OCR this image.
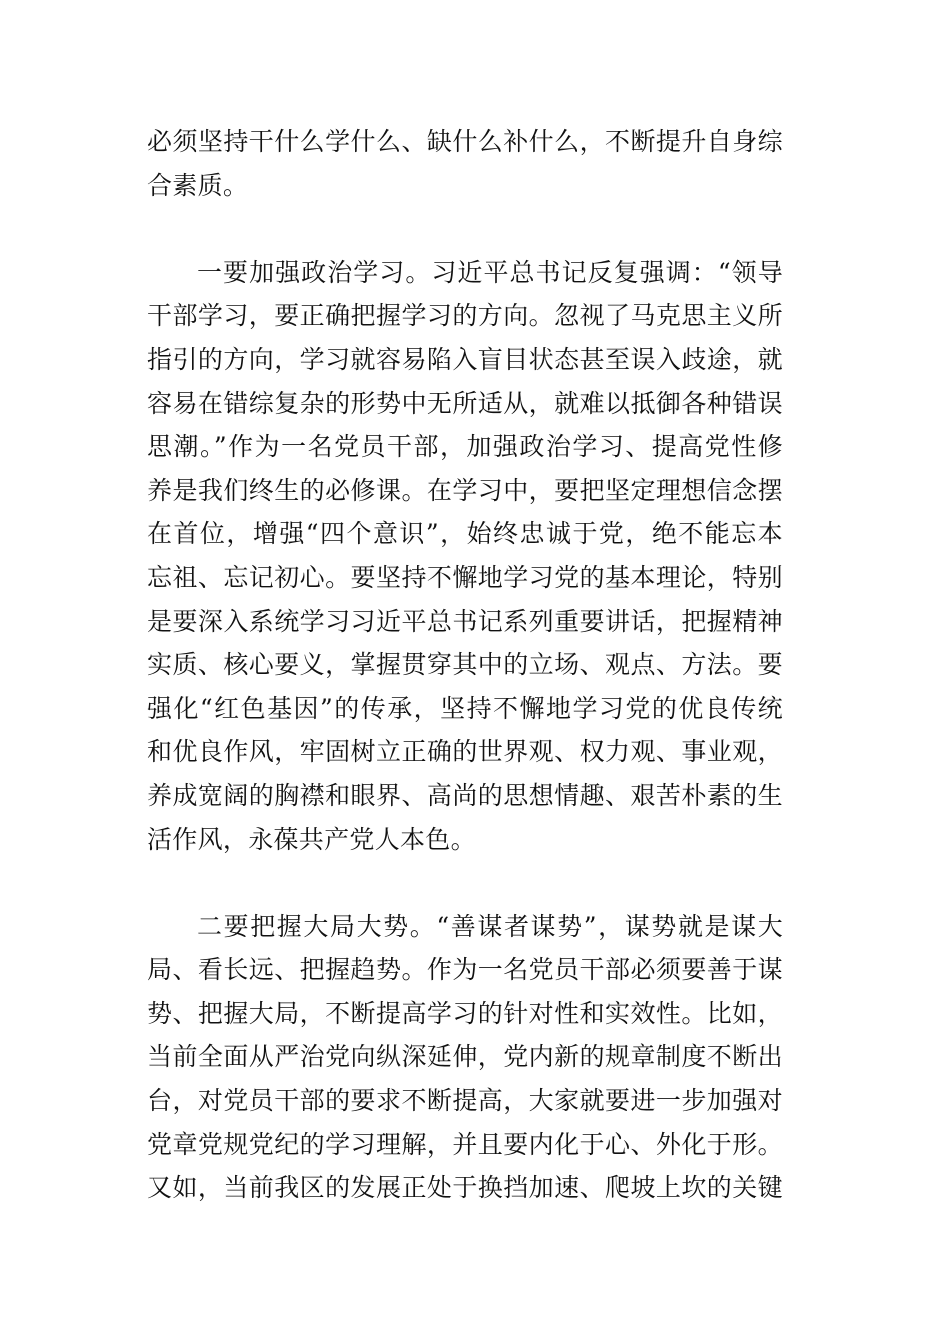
必须坚持干什么学什么、缺什么补什么，不断提升自身综
合素质。
一要加强政治学习。习近平总书记反复强调：“领导
干部学习，要正确把握学习的方向。忽视了马克思主义所
指引的方向，学习就容易陷入盲目状态甚至误入歧途，就
容易在错综复杂的形势中无所适从，就难以抵御各种错误
思潮。”作为一名党员干部，加强政治学习、提高党性修
养是我们终生的必修课。在学习中，要把坚定理想信念摆
在首位，增强“四个意识”，始终忠诚于党，绝不能忘本
忘祖、忘记初心。要坚持不懈地学习党的基本理论，特别
是要深入系统学习习近平总书记系列重要讲话，把握精神
实质、核心要义，掌握贯穿其中的立场、观点、方法。要
强化“红色基因”的传承，坚持不懈地学习党的优良传统
和优良作风，牢固树立正确的世界观、权力观、事业观，
养成宽阔的胸襟和眼界、高尚的思想情趣、艰苦朴素的生
活作风，永葆共产党人本色。
二要把握大局大势。“善谋者谋势”，谋势就是谋大
局、看长远、把握趋势。作为一名党员干部必须要善于谋
势、把握大局，不断提高学习的针对性和实效性。比如，
当前全面从严治党向纵深延伸，党内新的规章制度不断出
台，对党员干部的要求不断提高，大家就要进一步加强对
党章党规党纪的学习理解，并且要内化于心、外化于形。
又如，当前我区的发展正处于换挡加速、爬坡上坎的关键
